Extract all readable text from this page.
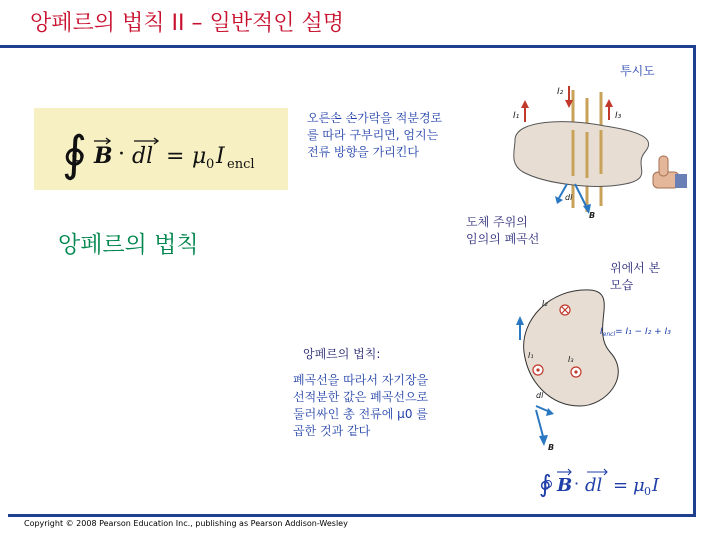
앙페르의 법칙 II – 일반적인 설명
∮ B · dl = μ 0 I encl
앙페르의 법칙
투시도
오른손 손가락을 적분경로
를 따라 구부리면, 엄지는
전류 방향을 가리킨다
도체 주위의
임의의 폐곡선
위에서 본
모습
앙페르의 법칙:
폐곡선을 따라서 자기장을
선적분한 값은 폐곡선으로
둘러싸인 총 전류에 μ0 를
곱한 것과 같다
I₁
I₂
I₃
dl
B
I₂
I₁	I₃
dl
B
$I_{encl}= I_1 - I_2 + I_3$
∮ B · dl = μ 0 I
Copyright © 2008 Pearson Education Inc., publishing as Pearson Addison-Wesley
